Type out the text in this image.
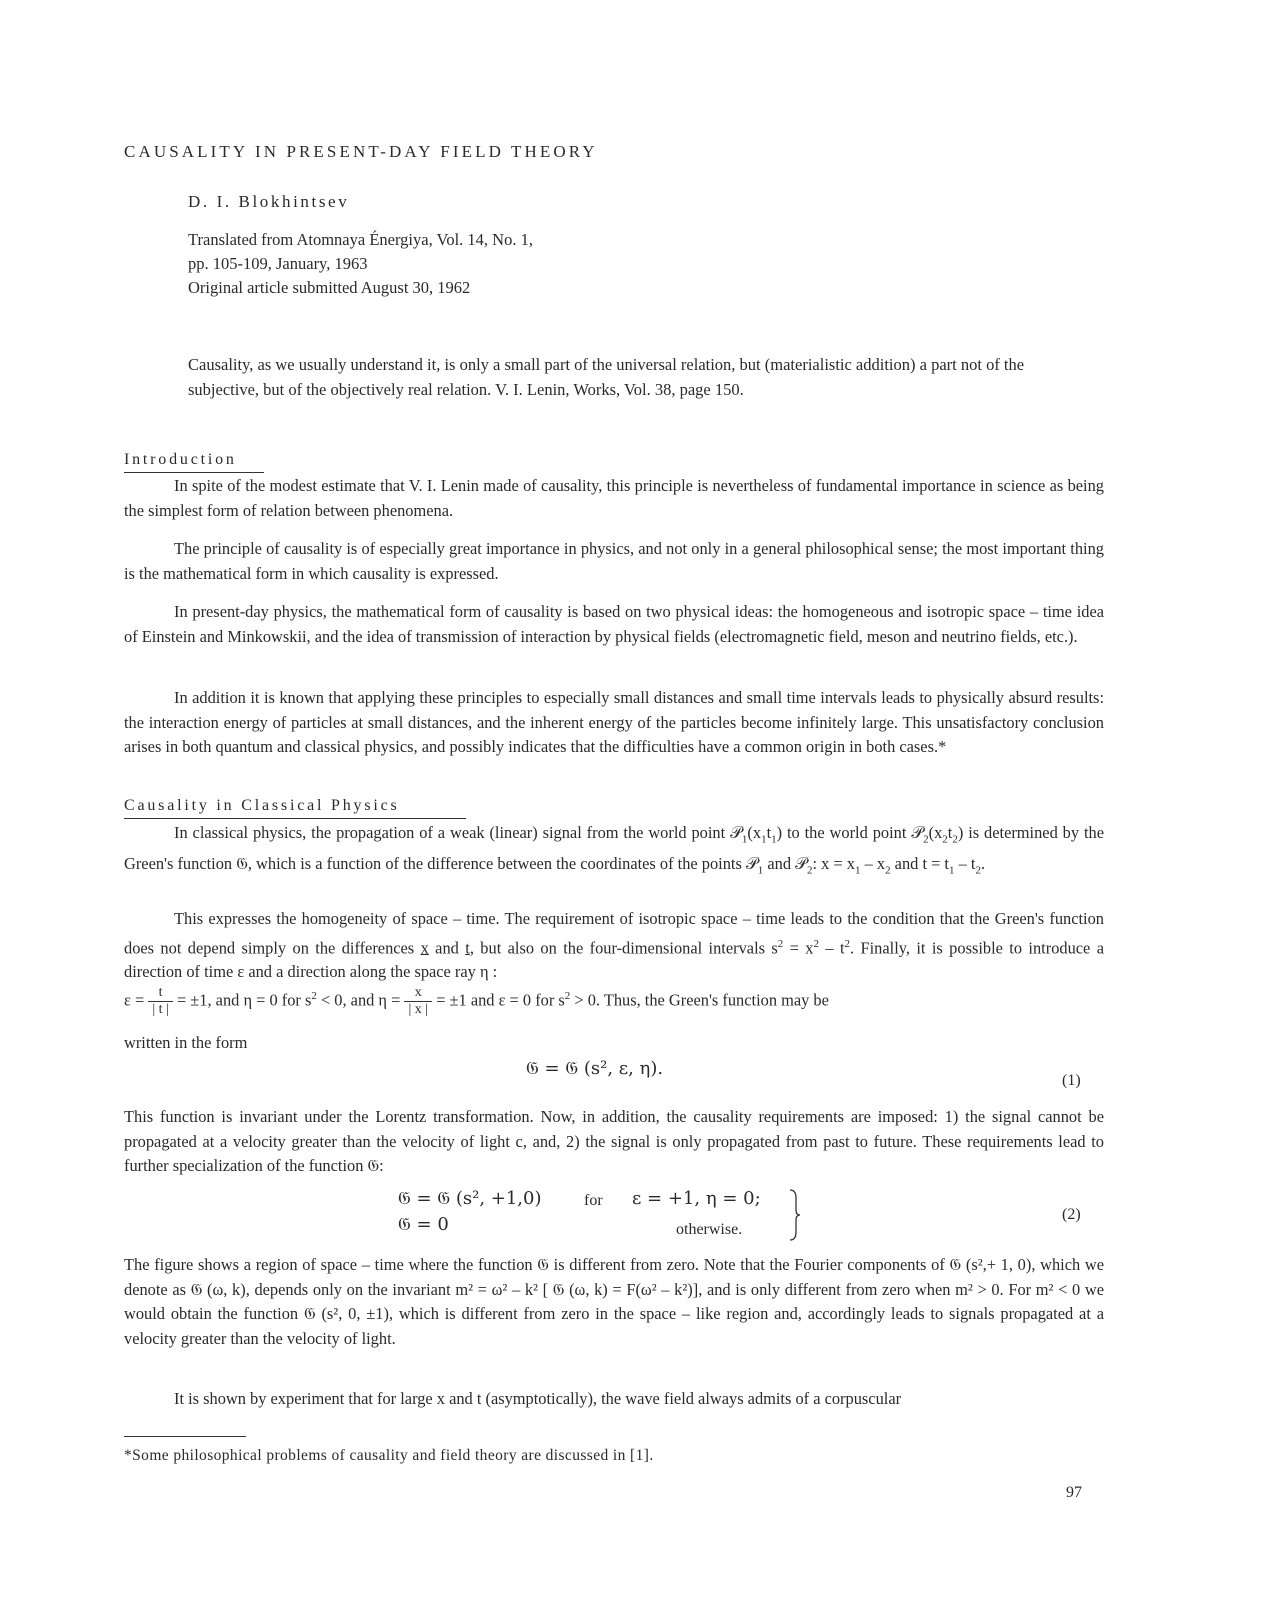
CAUSALITY IN PRESENT-DAY FIELD THEORY
D. I. Blokhintsev
Translated from Atomnaya Énergiya, Vol. 14, No. 1,
pp. 105-109, January, 1963
Original article submitted August 30, 1962
Causality, as we usually understand it, is only a small part of the universal relation, but (materialistic addition) a part not of the subjective, but of the objectively real relation. V. I. Lenin, Works, Vol. 38, page 150.
Introduction
In spite of the modest estimate that V. I. Lenin made of causality, this principle is nevertheless of fundamental importance in science as being the simplest form of relation between phenomena.
The principle of causality is of especially great importance in physics, and not only in a general philosophical sense; the most important thing is the mathematical form in which causality is expressed.
In present-day physics, the mathematical form of causality is based on two physical ideas: the homogeneous and isotropic space – time idea of Einstein and Minkowskii, and the idea of transmission of interaction by physical fields (electromagnetic field, meson and neutrino fields, etc.).
In addition it is known that applying these principles to especially small distances and small time intervals leads to physically absurd results: the interaction energy of particles at small distances, and the inherent energy of the particles become infinitely large. This unsatisfactory conclusion arises in both quantum and classical physics, and possibly indicates that the difficulties have a common origin in both cases.*
Causality in Classical Physics
In classical physics, the propagation of a weak (linear) signal from the world point $𝒫_1(x_1t_1)$ to the world point $𝒫_2(x_2t_2)$ is determined by the Green's function 𝔊, which is a function of the difference between the coordinates of the points 𝒫$_1$ and 𝒫$_2$: $x = x_1 - x_2$ and $t = t_1 - t_2$.
This expresses the homogeneity of space – time. The requirement of isotropic space – time leads to the condition that the Green's function does not depend simply on the differences x and t, but also on the four-dimensional intervals $s^2 = x^2 - t^2$. Finally, it is possible to introduce a direction of time ε and a direction along the space ray η :
$\varepsilon = \frac{t}{| t |} = \pm 1$, and η = 0 for $s^2 < 0$, and $\eta = \frac{x}{| x |} = \pm 1$ and ε = 0 for $s^2 > 0$. Thus, the Green's function may be
written in the form
𝔊 = 𝔊 (s², ε, η).
(1)
This function is invariant under the Lorentz transformation. Now, in addition, the causality requirements are imposed: 1) the signal cannot be propagated at a velocity greater than the velocity of light c, and, 2) the signal is only propagated from past to future. These requirements lead to further specialization of the function 𝔊:
𝔊 = 𝔊 (s², +1,0)	for ε = +1, η = 0;
𝔊 = 0	otherwise.
(2)
The figure shows a region of space – time where the function 𝔊 is different from zero. Note that the Fourier components of 𝔊 (s²,+ 1, 0), which we denote as 𝔊 (ω, k), depends only on the invariant m² = ω² – k² [ 𝔊 (ω, k) = F(ω² – k²)], and is only different from zero when m² > 0. For m² < 0 we would obtain the function 𝔊 (s², 0, ±1), which is different from zero in the space – like region and, accordingly leads to signals propagated at a velocity greater than the velocity of light.
It is shown by experiment that for large x and t (asymptotically), the wave field always admits of a corpuscular
*Some philosophical problems of causality and field theory are discussed in [1].
97
